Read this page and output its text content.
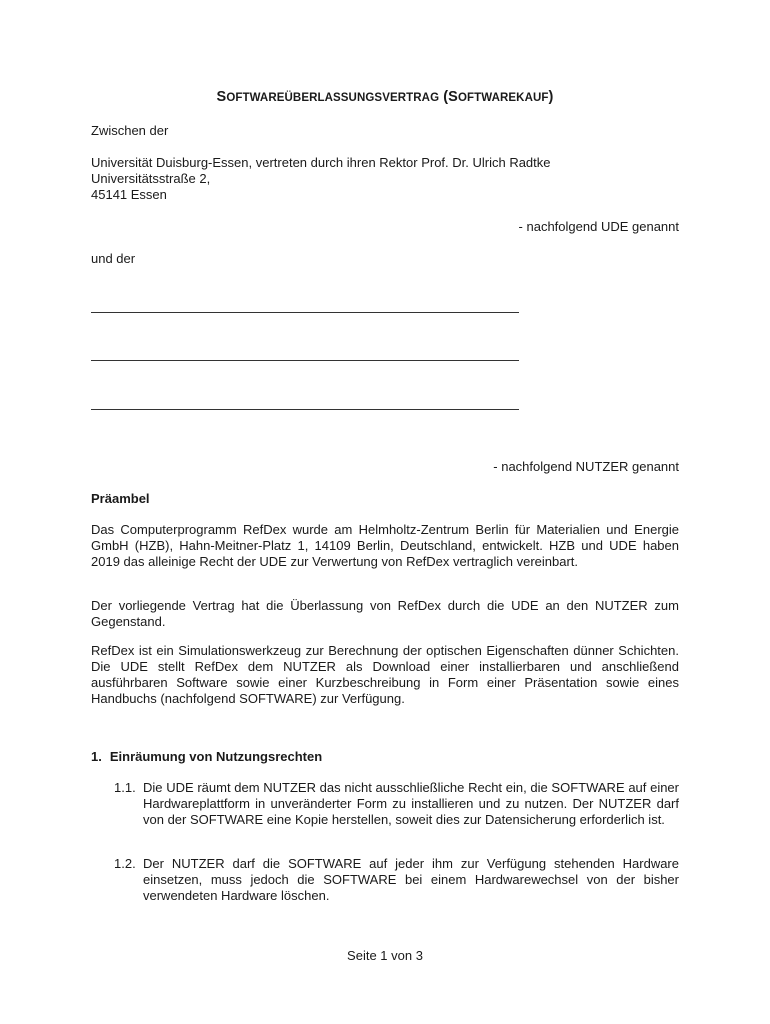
SOFTWAREÜBERLASSUNGSVERTRAG (SOFTWAREKAUF)

Zwischen der

Universität Duisburg-Essen, vertreten durch ihren Rektor Prof. Dr. Ulrich Radtke

Universitätsstraße 2,

45141 Essen

- nachfolgend UDE genannt

und der

- nachfolgend NUTZER genannt

Präambel

Das Computerprogramm RefDex wurde am Helmholtz-Zentrum Berlin für Materialien und Energie GmbH (HZB), Hahn-Meitner-Platz 1, 14109 Berlin, Deutschland, entwickelt. HZB und UDE haben 2019 das alleinige Recht der UDE zur Verwertung von RefDex vertraglich vereinbart.

Der vorliegende Vertrag hat die Überlassung von RefDex durch die UDE an den NUTZER zum Gegenstand.

RefDex ist ein Simulationswerkzeug zur Berechnung der optischen Eigenschaften dünner Schichten. Die UDE stellt RefDex dem NUTZER als Download einer installierbaren und anschließend ausführbaren Software sowie einer Kurzbeschreibung in Form einer Präsentation sowie eines Handbuchs (nachfolgend SOFTWARE) zur Verfügung.

1. Einräumung von Nutzungsrechten
1.1. Die UDE räumt dem NUTZER das nicht ausschließliche Recht ein, die SOFTWARE auf einer Hardwareplattform in unveränderter Form zu installieren und zu nutzen. Der NUTZER darf von der SOFTWARE eine Kopie herstellen, soweit dies zur Datensicherung erforderlich ist.

1.2. Der NUTZER darf die SOFTWARE auf jeder ihm zur Verfügung stehenden Hardware einsetzen, muss jedoch die SOFTWARE bei einem Hardwarewechsel von der bisher verwendeten Hardware löschen.

Seite 1 von 3
